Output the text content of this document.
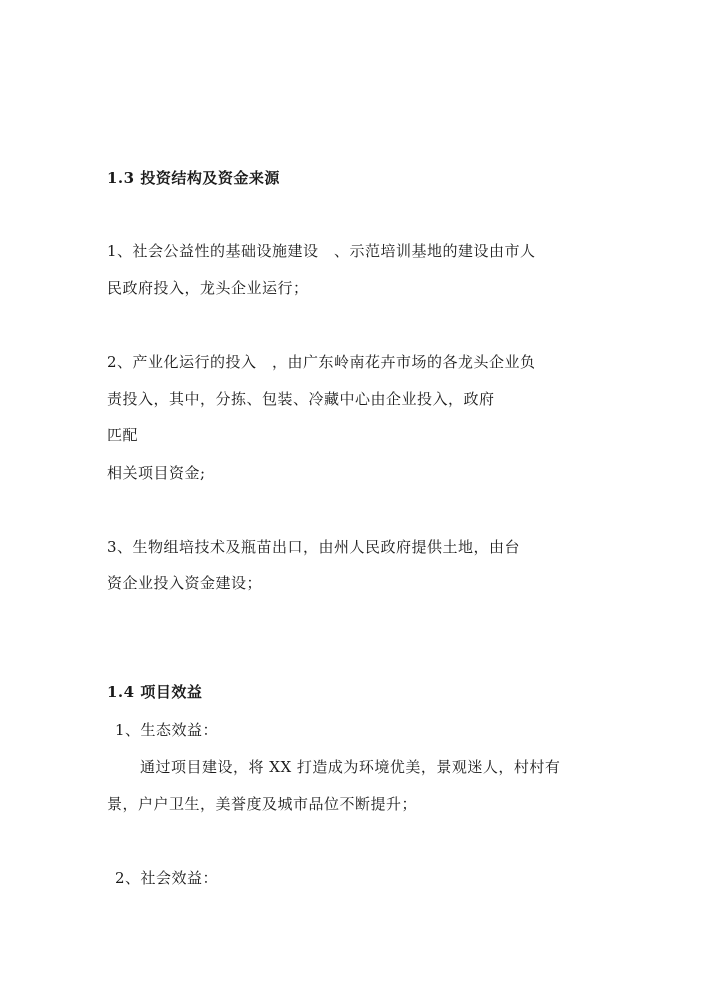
1.3 投资结构及资金来源
1、社会公益性的基础设施建设　、示范培训基地的建设由市人
民政府投入，龙头企业运行；
2、产业化运行的投入　，由广东岭南花卉市场的各龙头企业负
责投入，其中，分拣、包装、冷藏中心由企业投入，政府
匹配
相关项目资金;
3、生物组培技术及瓶苗出口，由州人民政府提供土地，由台
资企业投入资金建设；
1.4 项目效益
1、生态效益：
通过项目建设，将 XX 打造成为环境优美，景观迷人，村村有
景，户户卫生，美誉度及城市品位不断提升；
2、社会效益：
